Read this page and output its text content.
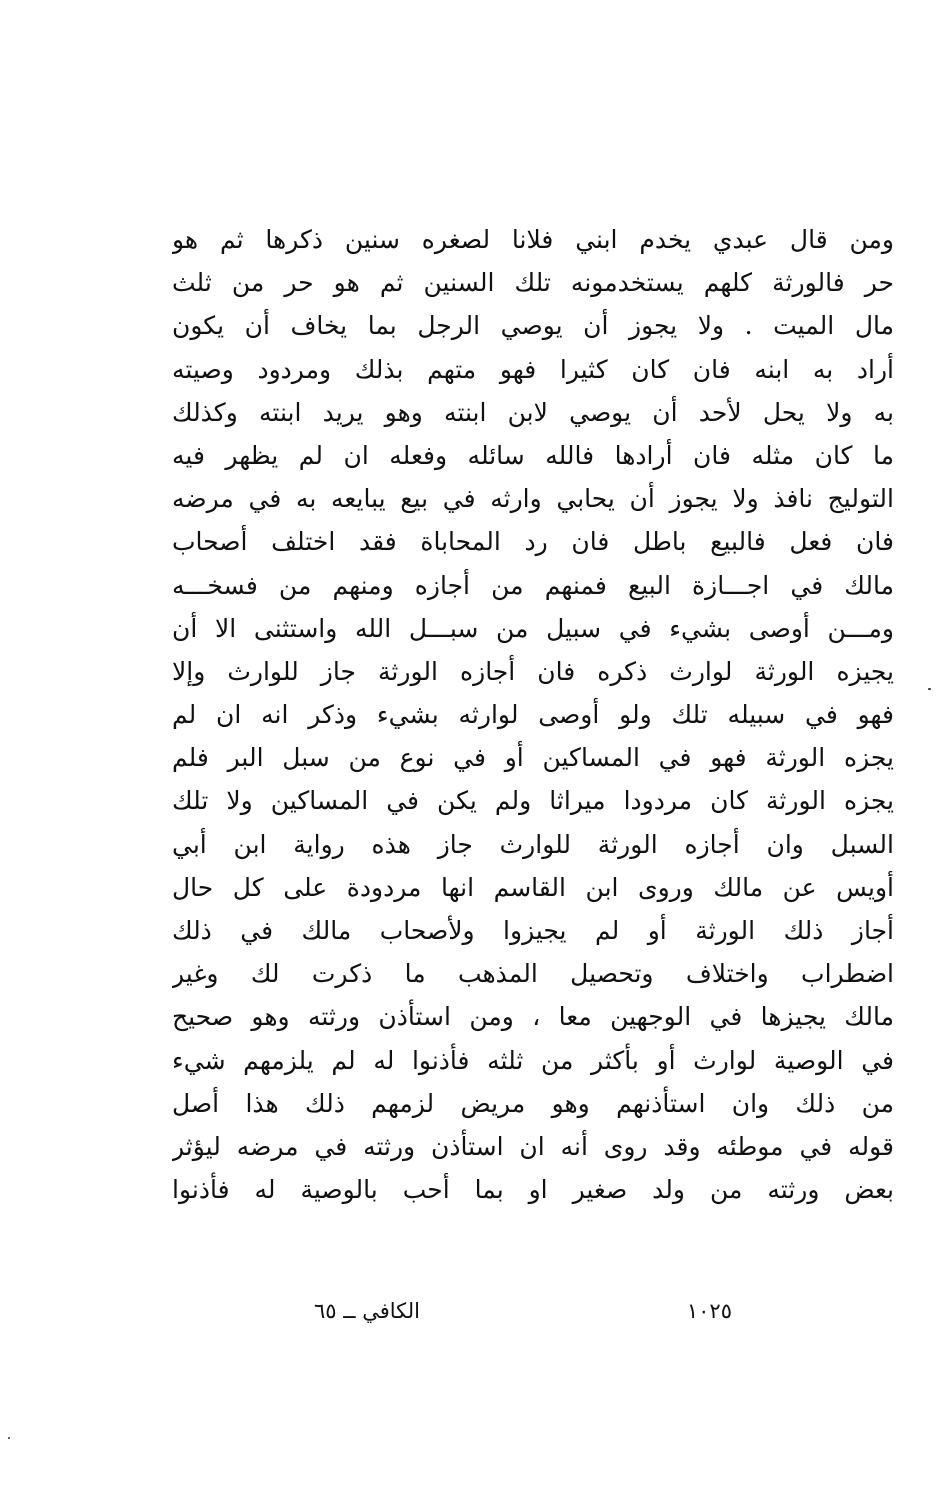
ومن قال عبدي يخدم ابني فلانا لصغره سنين ذكرها ثم هو
حر فالورثة كلهم يستخدمونه تلك السنين ثم هو حر من ثلث
مال الميت . ولا يجوز أن يوصي الرجل بما يخاف أن يكون
أراد به ابنه فان كان كثيرا فهو متهم بذلك ومردود وصيته
به ولا يحل لأحد أن يوصي لابن ابنته وهو يريد ابنته وكذلك
ما كان مثله فان أرادها فالله سائله وفعله ان لم يظهر فيه
التوليج نافذ ولا يجوز أن يحابي وارثه في بيع يبايعه به في مرضه
فان فعل فالبيع باطل فان رد المحاباة فقد اختلف أصحاب
مالك في اجـــازة البيع فمنهم من أجازه ومنهم من فسخـــه
ومـــن أوصى بشيء في سبيل من سبـــل الله واستثنى الا أن
يجيزه الورثة لوارث ذكره فان أجازه الورثة جاز للوارث وإلا
فهو في سبيله تلك ولو أوصى لوارثه بشيء وذكر انه ان لم
يجزه الورثة فهو في المساكين أو في نوع من سبل البر فلم
يجزه الورثة كان مردودا ميراثا ولم يكن في المساكين ولا تلك
السبل وان أجازه الورثة للوارث جاز هذه رواية ابن أبي
أويس عن مالك وروى ابن القاسم انها مردودة على كل حال
أجاز ذلك الورثة أو لم يجيزوا ولأصحاب مالك في ذلك
اضطراب واختلاف وتحصيل المذهب ما ذكرت لك وغير
مالك يجيزها في الوجهين معا ، ومن استأذن ورثته وهو صحيح
في الوصية لوارث أو بأكثر من ثلثه فأذنوا له لم يلزمهم شيء
من ذلك وان استأذنهم وهو مريض لزمهم ذلك هذا أصل
قوله في موطئه وقد روى أنه ان استأذن ورثته في مرضه ليؤثر
بعض ورثته من ولد صغير او بما أحب بالوصية له فأذنوا
الكافي ــ ٦٥	١٠٢٥
